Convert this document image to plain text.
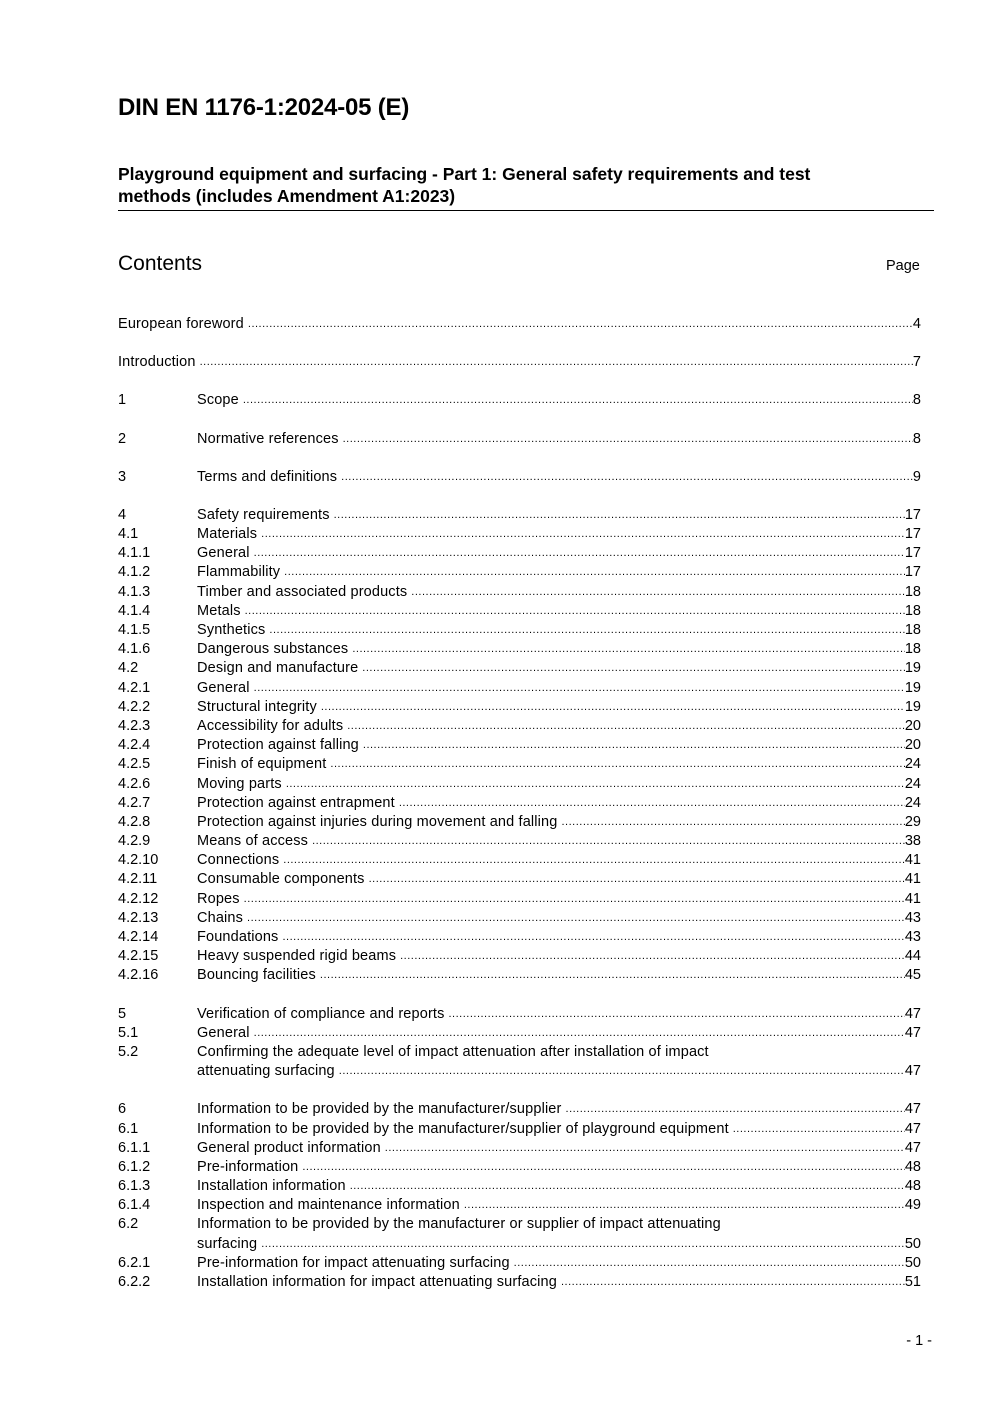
DIN EN 1176-1:2024-05 (E)
Playground equipment and surfacing - Part 1: General safety requirements and test
methods (includes Amendment A1:2023)
Contents	Page
European foreword .....	4
Introduction .....	7
1	Scope .....	8
2	Normative references .....	8
3	Terms and definitions .....	9
4	Safety requirements .....	17
4.1	Materials .....	17
4.1.1	General .....	17
4.1.2	Flammability .....	17
4.1.3	Timber and associated products .....	18
4.1.4	Metals .....	18
4.1.5	Synthetics .....	18
4.1.6	Dangerous substances .....	18
4.2	Design and manufacture .....	19
4.2.1	General .....	19
4.2.2	Structural integrity .....	19
4.2.3	Accessibility for adults .....	20
4.2.4	Protection against falling .....	20
4.2.5	Finish of equipment .....	24
4.2.6	Moving parts .....	24
4.2.7	Protection against entrapment .....	24
4.2.8	Protection against injuries during movement and falling .....	29
4.2.9	Means of access .....	38
4.2.10	Connections .....	41
4.2.11	Consumable components .....	41
4.2.12	Ropes .....	41
4.2.13	Chains .....	43
4.2.14	Foundations .....	43
4.2.15	Heavy suspended rigid beams .....	44
4.2.16	Bouncing facilities .....	45
5	Verification of compliance and reports .....	47
5.1	General .....	47
5.2	Confirming the adequate level of impact attenuation after installation of impact
attenuating surfacing .....	47
6	Information to be provided by the manufacturer/supplier .....	47
6.1	Information to be provided by the manufacturer/supplier of playground equipment .....	47
6.1.1	General product information .....	47
6.1.2	Pre-information .....	48
6.1.3	Installation information .....	48
6.1.4	Inspection and maintenance information .....	49
6.2	Information to be provided by the manufacturer or supplier of impact attenuating
surfacing .....	50
6.2.1	Pre-information for impact attenuating surfacing .....	50
6.2.2	Installation information for impact attenuating surfacing .....	51
- 1 -
